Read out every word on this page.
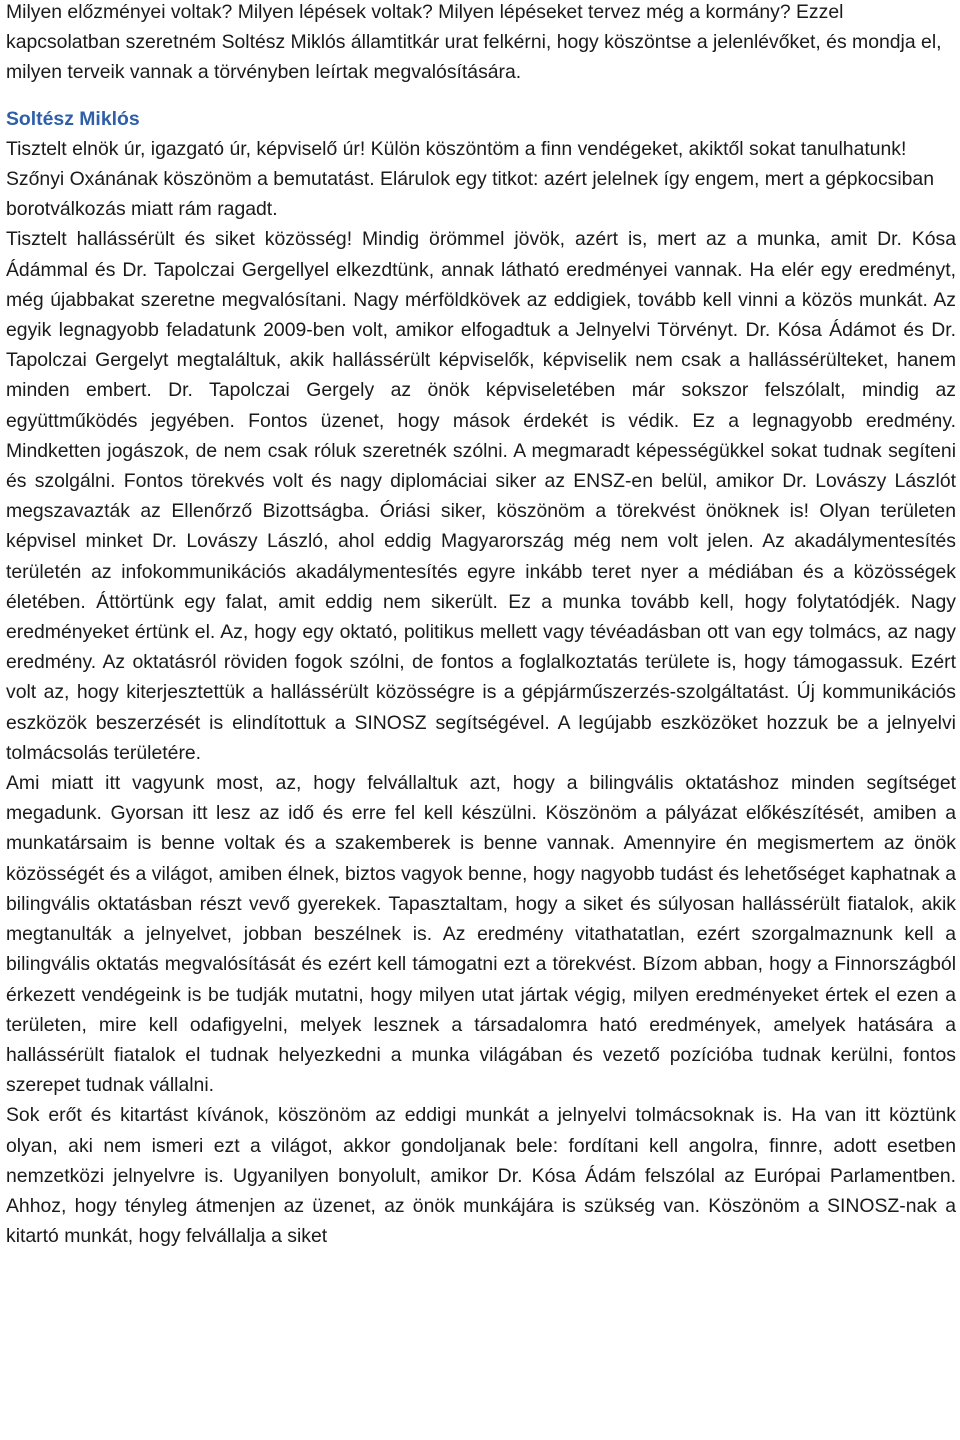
Milyen előzményei voltak? Milyen lépések voltak? Milyen lépéseket tervez még a kormány? Ezzel kapcsolatban szeretném Soltész Miklós államtitkár urat felkérni, hogy köszöntse a jelenlévőket, és mondja el, milyen terveik vannak a törvényben leírtak megvalósítására.

Soltész Miklós

Tisztelt elnök úr, igazgató úr, képviselő úr! Külön köszöntöm a finn vendégeket, akiktől sokat tanulhatunk! Szőnyi Oxánának köszönöm a bemutatást. Elárulok egy titkot: azért jelelnek így engem, mert a gépkocsiban borotválkozás miatt rám ragadt.

Tisztelt hallássérült és siket közösség! Mindig örömmel jövök, azért is, mert az a munka, amit Dr. Kósa Ádámmal és Dr. Tapolczai Gergellyel elkezdtünk, annak látható eredményei vannak. Ha elér egy eredményt, még újabbakat szeretne megvalósítani. Nagy mérföldkövek az eddigiek, tovább kell vinni a közös munkát. Az egyik legnagyobb feladatunk 2009-ben volt, amikor elfogadtuk a Jelnyelvi Törvényt. Dr. Kósa Ádámot és Dr. Tapolczai Gergelyt megtaláltuk, akik hallássérült képviselők, képviselik nem csak a hallássérülteket, hanem minden embert. Dr. Tapolczai Gergely az önök képviseletében már sokszor felszólalt, mindig az együttműködés jegyében. Fontos üzenet, hogy mások érdekét is védik. Ez a legnagyobb eredmény. Mindketten jogászok, de nem csak róluk szeretnék szólni. A megmaradt képességükkel sokat tudnak segíteni és szolgálni. Fontos törekvés volt és nagy diplomáciai siker az ENSZ-en belül, amikor Dr. Lovászy Lászlót megszavazták az Ellenőrző Bizottságba. Óriási siker, köszönöm a törekvést önöknek is! Olyan területen képvisel minket Dr. Lovászy László, ahol eddig Magyarország még nem volt jelen. Az akadálymentesítés területén az infokommunikációs akadálymentesítés egyre inkább teret nyer a médiában és a közösségek életében. Áttörtünk egy falat, amit eddig nem sikerült. Ez a munka tovább kell, hogy folytatódjék. Nagy eredményeket értünk el. Az, hogy egy oktató, politikus mellett vagy tévéadásban ott van egy tolmács, az nagy eredmény. Az oktatásról röviden fogok szólni, de fontos a foglalkoztatás területe is, hogy támogassuk. Ezért volt az, hogy kiterjesztettük a hallássérült közösségre is a gépjárműszerzés-szolgáltatást. Új kommunikációs eszközök beszerzését is elindítottuk a SINOSZ segítségével. A legújabb eszközöket hozzuk be a jelnyelvi tolmácsolás területére.

Ami miatt itt vagyunk most, az, hogy felvállaltuk azt, hogy a bilingvális oktatáshoz minden segítséget megadunk. Gyorsan itt lesz az idő és erre fel kell készülni. Köszönöm a pályázat előkészítését, amiben a munkatársaim is benne voltak és a szakemberek is benne vannak. Amennyire én megismertem az önök közösségét és a világot, amiben élnek, biztos vagyok benne, hogy nagyobb tudást és lehetőséget kaphatnak a bilingvális oktatásban részt vevő gyerekek. Tapasztaltam, hogy a siket és súlyosan hallássérült fiatalok, akik megtanulták a jelnyelvet, jobban beszélnek is. Az eredmény vitathatatlan, ezért szorgalmaznunk kell a bilingvális oktatás megvalósítását és ezért kell támogatni ezt a törekvést. Bízom abban, hogy a Finnországból érkezett vendégeink is be tudják mutatni, hogy milyen utat jártak végig, milyen eredményeket értek el ezen a területen, mire kell odafigyelni, melyek lesznek a társadalomra ható eredmények, amelyek hatására a hallássérült fiatalok el tudnak helyezkedni a munka világában és vezető pozícióba tudnak kerülni, fontos szerepet tudnak vállalni.

Sok erőt és kitartást kívánok, köszönöm az eddigi munkát a jelnyelvi tolmácsoknak is. Ha van itt köztünk olyan, aki nem ismeri ezt a világot, akkor gondoljanak bele: fordítani kell angolra, finnre, adott esetben nemzetközi jelnyelvre is. Ugyanilyen bonyolult, amikor Dr. Kósa Ádám felszólal az Európai Parlamentben. Ahhoz, hogy tényleg átmenjen az üzenet, az önök munkájára is szükség van. Köszönöm a SINOSZ-nak a kitartó munkát, hogy felvállalja a siket
